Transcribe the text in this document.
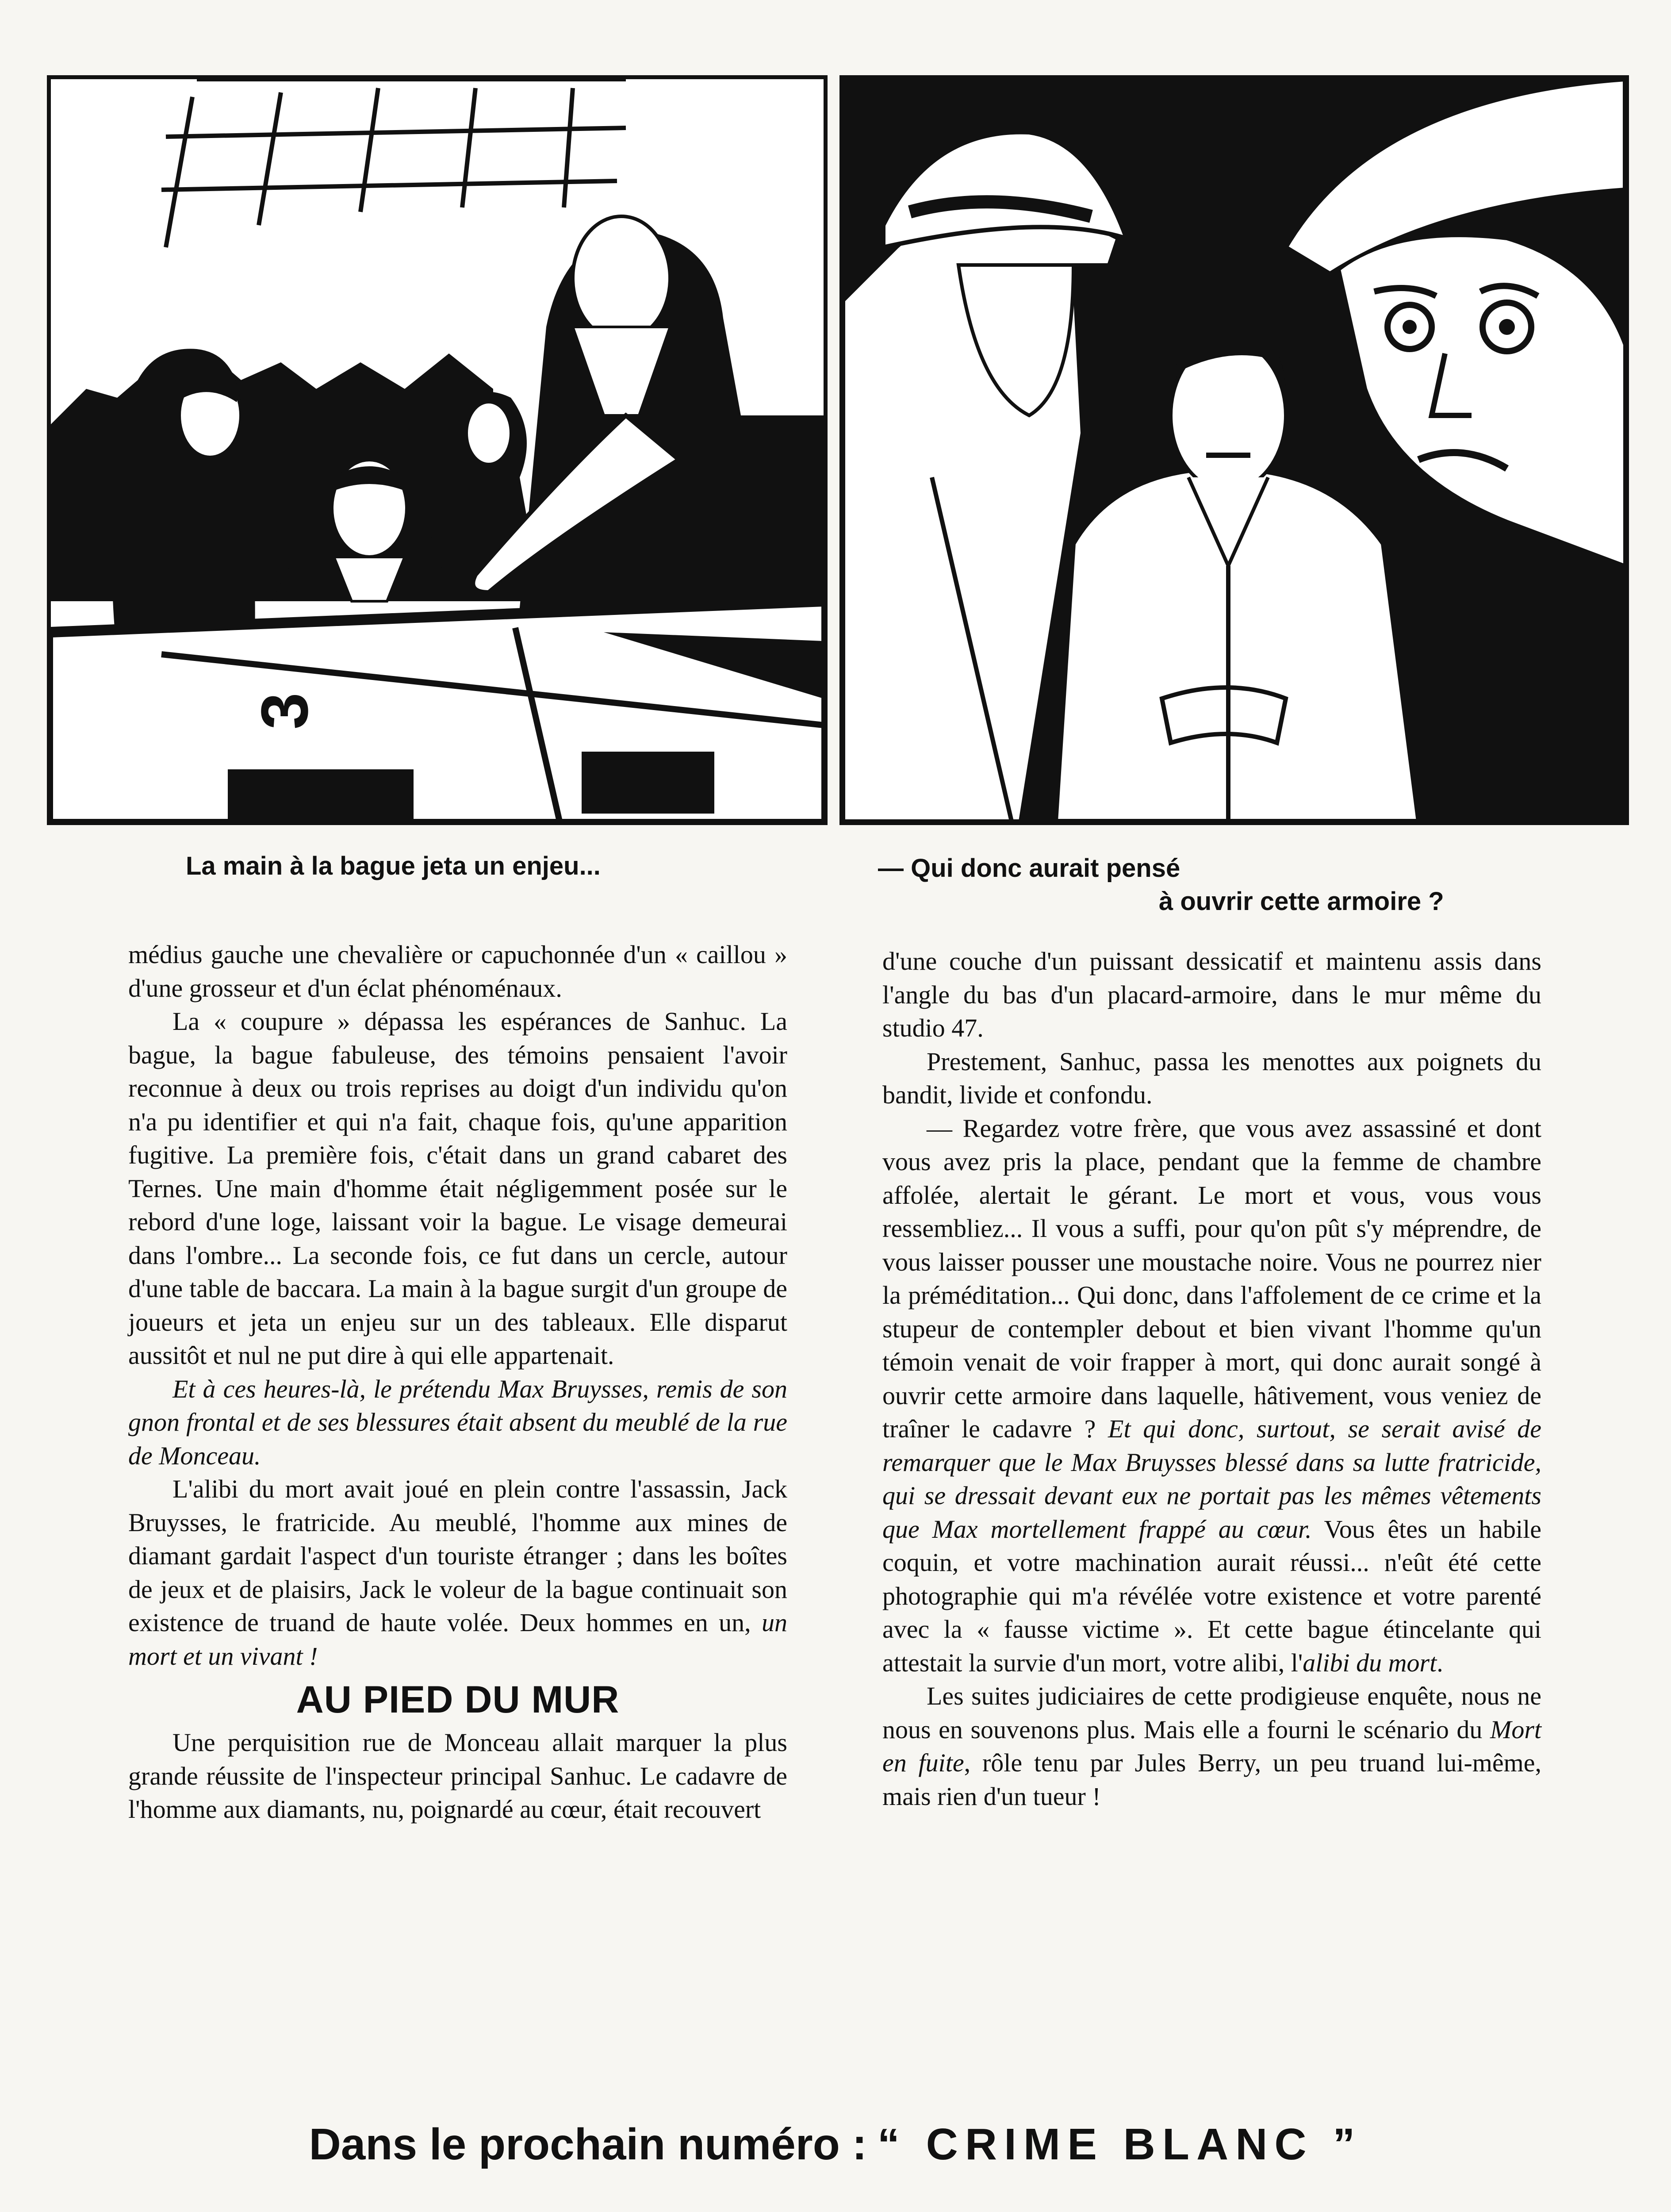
3
La main à la bague jeta un enjeu...	— Qui donc aurait pensé
à ouvrir cette armoire ?

médius gauche une chevalière or capuchonnée d'un « caillou » d'une grosseur et d'un éclat phénoménaux.

La « coupure » dépassa les espérances de Sanhuc. La bague, la bague fabuleuse, des témoins pensaient l'avoir reconnue à deux ou trois reprises au doigt d'un individu qu'on n'a pu identifier et qui n'a fait, chaque fois, qu'une apparition fugitive. La première fois, c'était dans un grand cabaret des Ternes. Une main d'homme était négligemment posée sur le rebord d'une loge, laissant voir la bague. Le visage demeurai dans l'ombre... La seconde fois, ce fut dans un cercle, autour d'une table de baccara. La main à la bague surgit d'un groupe de joueurs et jeta un enjeu sur un des tableaux. Elle disparut aussitôt et nul ne put dire à qui elle appartenait.

Et à ces heures-là, le prétendu Max Bruysses, remis de son gnon frontal et de ses blessures était absent du meublé de la rue de Monceau.

L'alibi du mort avait joué en plein contre l'assassin, Jack Bruysses, le fratricide. Au meublé, l'homme aux mines de diamant gardait l'aspect d'un touriste étranger ; dans les boîtes de jeux et de plaisirs, Jack le voleur de la bague continuait son existence de truand de haute volée. Deux hommes en un, un mort et un vivant !

AU PIED DU MUR

Une perquisition rue de Monceau allait marquer la plus grande réussite de l'inspecteur principal Sanhuc. Le cadavre de l'homme aux diamants, nu, poignardé au cœur, était recouvert

d'une couche d'un puissant dessicatif et maintenu assis dans l'angle du bas d'un placard-armoire, dans le mur même du studio 47.

Prestement, Sanhuc, passa les menottes aux poignets du bandit, livide et confondu.

— Regardez votre frère, que vous avez assassiné et dont vous avez pris la place, pendant que la femme de chambre affolée, alertait le gérant. Le mort et vous, vous vous ressembliez... Il vous a suffi, pour qu'on pût s'y méprendre, de vous laisser pousser une moustache noire. Vous ne pourrez nier la préméditation... Qui donc, dans l'affolement de ce crime et la stupeur de contempler debout et bien vivant l'homme qu'un témoin venait de voir frapper à mort, qui donc aurait songé à ouvrir cette armoire dans laquelle, hâtivement, vous veniez de traîner le cadavre ? Et qui donc, surtout, se serait avisé de remarquer que le Max Bruysses blessé dans sa lutte fratricide, qui se dressait devant eux ne portait pas les mêmes vêtements que Max mortellement frappé au cœur. Vous êtes un habile coquin, et votre machination aurait réussi... n'eût été cette photographie qui m'a révélée votre existence et votre parenté avec la « fausse victime ». Et cette bague étincelante qui attestait la survie d'un mort, votre alibi, l'alibi du mort.

Les suites judiciaires de cette prodigieuse enquête, nous ne nous en souvenons plus. Mais elle a fourni le scénario du Mort en fuite, rôle tenu par Jules Berry, un peu truand lui-même, mais rien d'un tueur !

Dans le prochain numéro : “ CRIME BLANC ”
